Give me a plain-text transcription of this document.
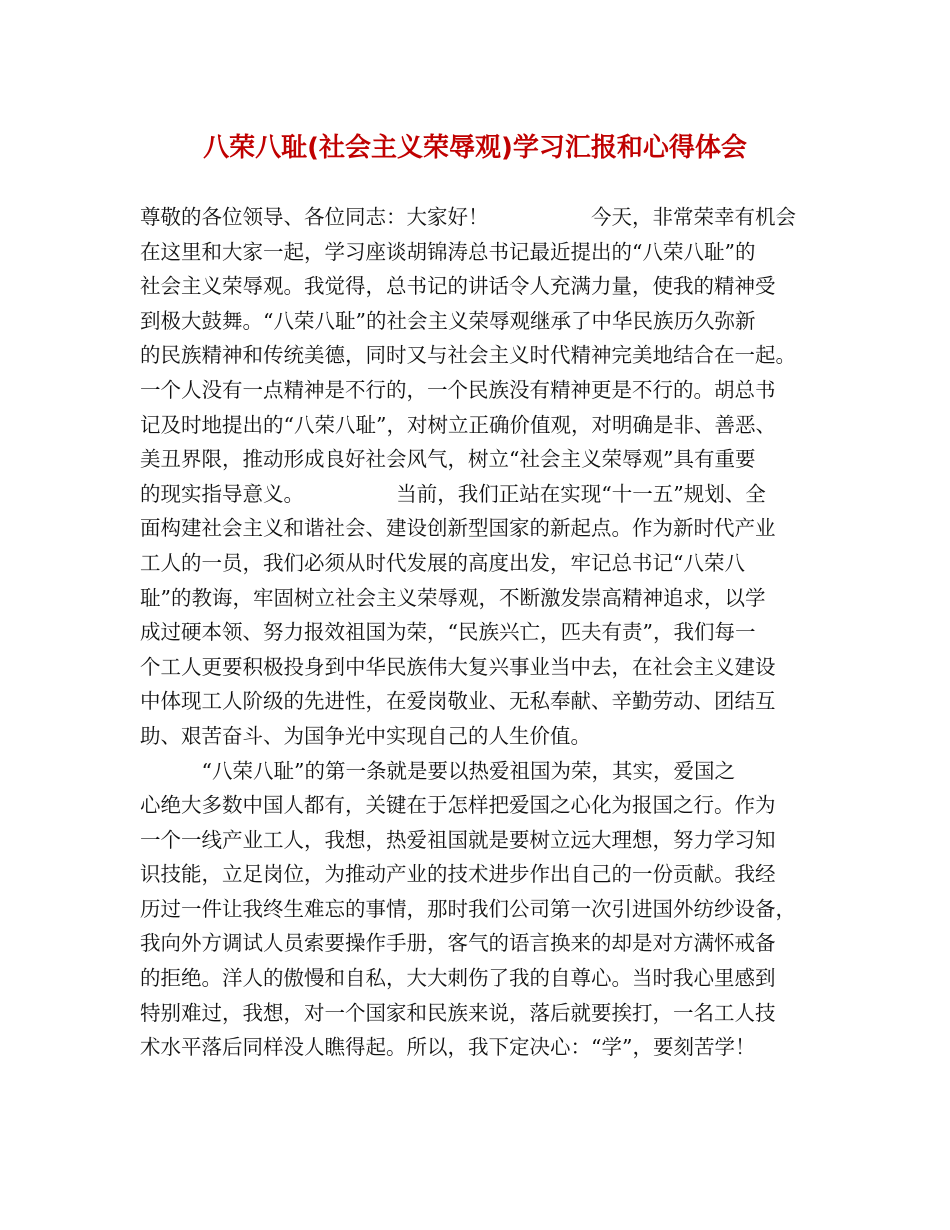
八荣八耻(社会主义荣辱观)学习汇报和心得体会
尊敬的各位领导、各位同志：大家好！　　　　　今天，非常荣幸有机会
在这里和大家一起，学习座谈胡锦涛总书记最近提出的“八荣八耻”的
社会主义荣辱观。我觉得，总书记的讲话令人充满力量，使我的精神受
到极大鼓舞。“八荣八耻”的社会主义荣辱观继承了中华民族历久弥新
的民族精神和传统美德，同时又与社会主义时代精神完美地结合在一起。
一个人没有一点精神是不行的，一个民族没有精神更是不行的。胡总书
记及时地提出的“八荣八耻”，对树立正确价值观，对明确是非、善恶、
美丑界限，推动形成良好社会风气，树立“社会主义荣辱观”具有重要
的现实指导意义。　　　　　当前，我们正站在实现“十一五”规划、全
面构建社会主义和谐社会、建设创新型国家的新起点。作为新时代产业
工人的一员，我们必须从时代发展的高度出发，牢记总书记“八荣八
耻”的教诲，牢固树立社会主义荣辱观，不断激发崇高精神追求，以学
成过硬本领、努力报效祖国为荣，“民族兴亡，匹夫有责”，我们每一
个工人更要积极投身到中华民族伟大复兴事业当中去，在社会主义建设
中体现工人阶级的先进性，在爱岗敬业、无私奉献、辛勤劳动、团结互
助、艰苦奋斗、为国争光中实现自己的人生价值。
　　　“八荣八耻”的第一条就是要以热爱祖国为荣，其实，爱国之
心绝大多数中国人都有，关键在于怎样把爱国之心化为报国之行。作为
一个一线产业工人，我想，热爱祖国就是要树立远大理想，努力学习知
识技能，立足岗位，为推动产业的技术进步作出自己的一份贡献。我经
历过一件让我终生难忘的事情，那时我们公司第一次引进国外纺纱设备，
我向外方调试人员索要操作手册，客气的语言换来的却是对方满怀戒备
的拒绝。洋人的傲慢和自私，大大刺伤了我的自尊心。当时我心里感到
特别难过，我想，对一个国家和民族来说，落后就要挨打，一名工人技
术水平落后同样没人瞧得起。所以，我下定决心：“学”，要刻苦学！
